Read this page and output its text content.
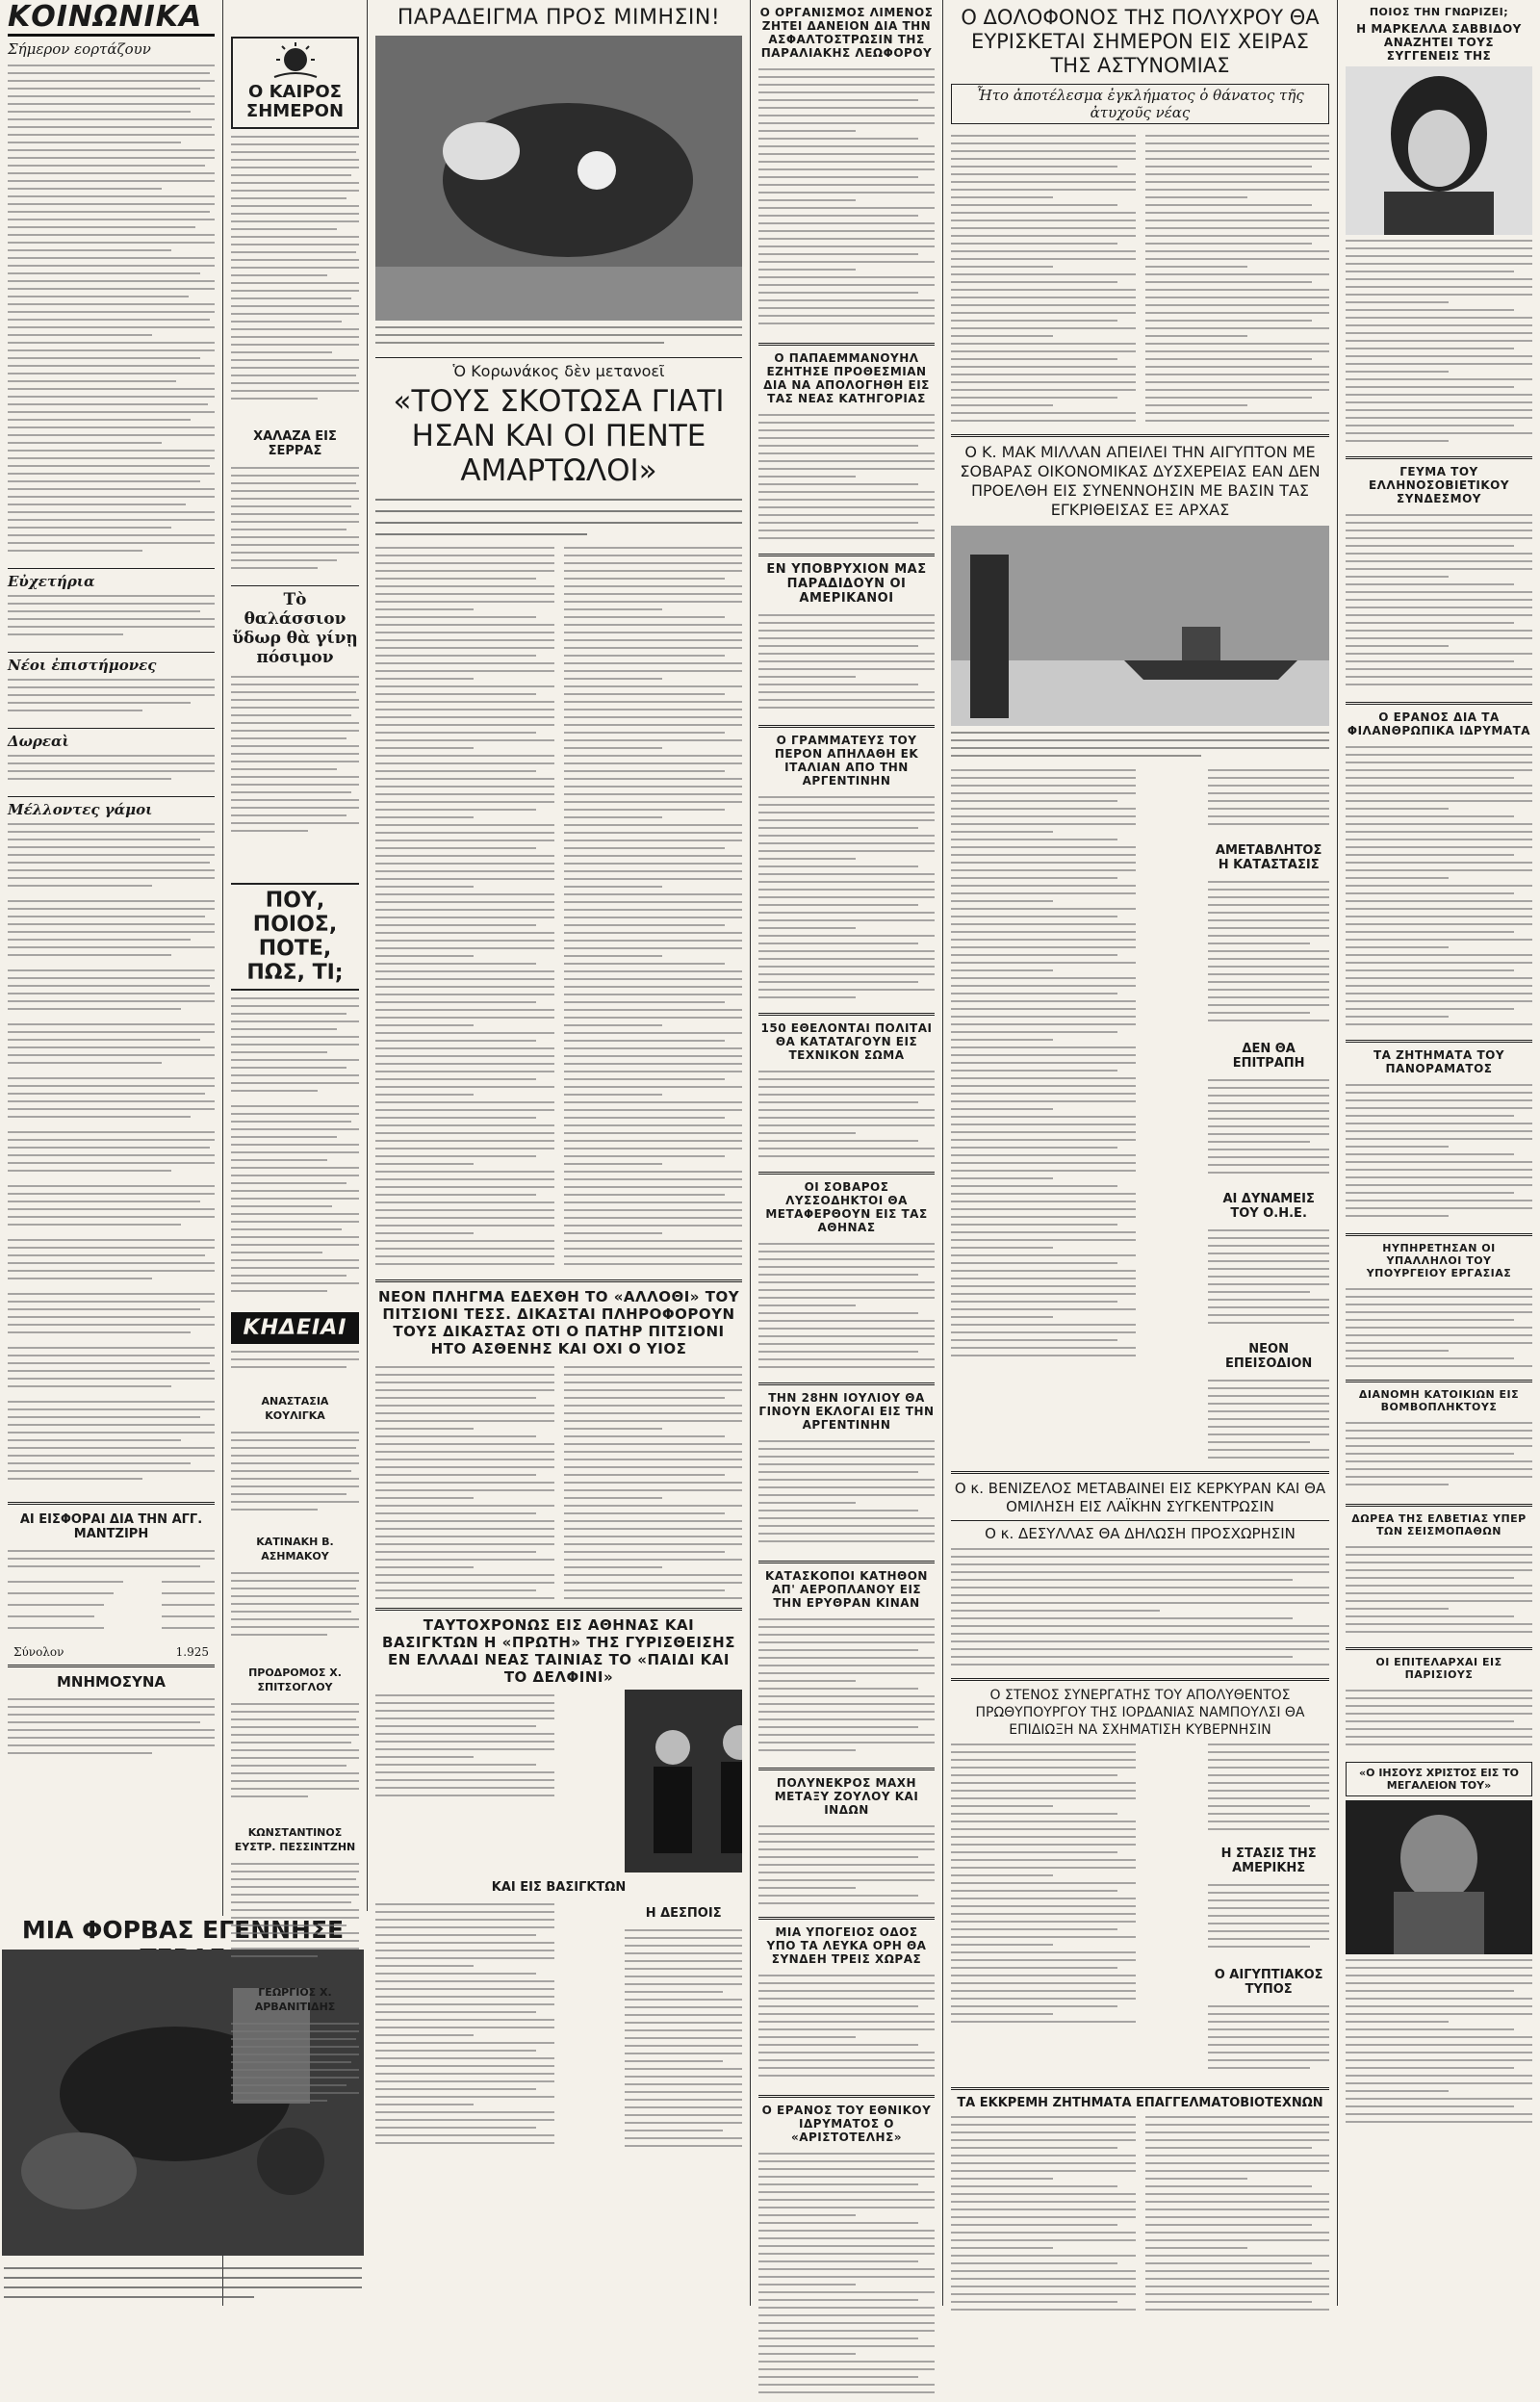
ΚΟΙΝΩΝΙΚΑ
Σήμερον εορτάζουν
Εὐχετήρια
Νέοι ἐπιστήμονες
Δωρεαὶ
Μέλλοντες γάμοι
ΑΙ ΕΙΣΦΟΡΑΙ ΔΙΑ ΤΗΝ ΑΓΓ. ΜΑΝΤΖΙΡΗ
Σύνολον	1.925
ΜΝΗΜΟΣΥΝΑ
ΜΙΑ ΦΟΡΒΑΣ ΕΓΕΝΝΗΣΕ
Ο ΚΑΙΡΟΣ ΣΗΜΕΡΟΝ
ΧΑΛΑΖΑ ΕΙΣ ΣΕΡΡΑΣ
Τὸ θαλάσσιον ὕδωρ θὰ γίνῃ πόσιμον
ΠΟΥ, ΠΟΙΟΣ, ΠΟΤΕ, ΠΩΣ, ΤΙ;
ΚΗΔΕΙΑΙ
ΑΝΑΣΤΑΣΙΑ ΚΟΥΛΙΓΚΑ
ΚΑΤΙΝΑΚΗ Β. ΑΣΗΜΑΚΟΥ
ΠΡΟΔΡΟΜΟΣ Χ. ΣΠΙΤΣΟΓΛΟΥ
ΚΩΝΣΤΑΝΤΙΝΟΣ ΕΥΣΤΡ. ΠΕΣΣΙΝΤΖΗΝ
ΓΕΩΡΓΙΟΣ Χ. ΑΡΒΑΝΙΤΙΔΗΣ
ΠΑΡΑΔΕΙΓΜΑ ΠΡΟΣ ΜΙΜΗΣΙΝ!
Ὁ Κορωνάκος δὲν μετανοεῖ
«ΤΟΥΣ ΣΚΟΤΩΣΑ ΓΙΑΤΙ ΗΣΑΝ ΚΑΙ ΟΙ ΠΕΝΤΕ ΑΜΑΡΤΩΛΟΙ»
ΝΕΟΝ ΠΛΗΓΜΑ ΕΔΕΧΘΗ ΤΟ «ΑΛΛΟΘΙ» ΤΟΥ ΠΙΤΣΙΟΝΙ ΤΕΣΣ. ΔΙΚΑΣΤΑΙ ΠΛΗΡΟΦΟΡΟΥΝ ΤΟΥΣ ΔΙΚΑΣΤΑΣ ΟΤΙ Ο ΠΑΤΗΡ ΠΙΤΣΙΟΝΙ ΗΤΟ ΑΣΘΕΝΗΣ ΚΑΙ ΟΧΙ Ο ΥΙΟΣ
ΤΑΥΤΟΧΡΟΝΩΣ ΕΙΣ ΑΘΗΝΑΣ ΚΑΙ ΒΑΣΙΓΚΤΩΝ Η «ΠΡΩΤΗ» ΤΗΣ ΓΥΡΙΣΘΕΙΣΗΣ ΕΝ ΕΛΛΑΔΙ ΝΕΑΣ ΤΑΙΝΙΑΣ ΤΟ «ΠΑΙΔΙ ΚΑΙ ΤΟ ΔΕΛΦΙΝΙ»
ΚΑΙ ΕΙΣ ΒΑΣΙΓΚΤΩΝ
Η ΔΕΣΠΟΙΣ
Ο ΟΡΓΑΝΙΣΜΟΣ ΛΙΜΕΝΟΣ ΖΗΤΕΙ ΔΑΝΕΙΟΝ ΔΙΑ ΤΗΝ ΑΣΦΑΛΤΟΣΤΡΩΣΙΝ ΤΗΣ ΠΑΡΑΛΙΑΚΗΣ ΛΕΩΦΟΡΟΥ
Ο ΠΑΠΑΕΜΜΑΝΟΥΗΛ ΕΖΗΤΗΣΕ ΠΡΟΘΕΣΜΙΑΝ ΔΙΑ ΝΑ ΑΠΟΛΟΓΗΘΗ ΕΙΣ ΤΑΣ ΝΕΑΣ ΚΑΤΗΓΟΡΙΑΣ
ΕΝ ΥΠΟΒΡΥΧΙΟΝ ΜΑΣ ΠΑΡΑΔΙΔΟΥΝ ΟΙ ΑΜΕΡΙΚΑΝΟΙ
Ο ΓΡΑΜΜΑΤΕΥΣ ΤΟΥ ΠΕΡΟΝ ΑΠΗΛΑΘΗ ΕΚ ΙΤΑΛΙΑΝ ΑΠΟ ΤΗΝ ΑΡΓΕΝΤΙΝΗΝ
150 ΕΘΕΛΟΝΤΑΙ ΠΟΛΙΤΑΙ ΘΑ ΚΑΤΑΤΑΓΟΥΝ ΕΙΣ ΤΕΧΝΙΚΟΝ ΣΩΜΑ
ΟΙ ΣΟΒΑΡΟΣ ΛΥΣΣΟΔΗΚΤΟΙ ΘΑ ΜΕΤΑΦΕΡΘΟΥΝ ΕΙΣ ΤΑΣ ΑΘΗΝΑΣ
ΤΗΝ 28ΗΝ ΙΟΥΛΙΟΥ ΘΑ ΓΙΝΟΥΝ ΕΚΛΟΓΑΙ ΕΙΣ ΤΗΝ ΑΡΓΕΝΤΙΝΗΝ
ΚΑΤΑΣΚΟΠΟΙ ΚΑΤΗΘΟΝ ΑΠ' ΑΕΡΟΠΛΑΝΟΥ ΕΙΣ ΤΗΝ ΕΡΥΘΡΑΝ ΚΙΝΑΝ
ΠΟΛΥΝΕΚΡΟΣ ΜΑΧΗ ΜΕΤΑΞΥ ΖΟΥΛΟΥ ΚΑΙ ΙΝΔΩΝ
ΜΙΑ ΥΠΟΓΕΙΟΣ ΟΔΟΣ ΥΠΟ ΤΑ ΛΕΥΚΑ ΟΡΗ ΘΑ ΣΥΝΔΕΗ ΤΡΕΙΣ ΧΩΡΑΣ
Ο ΕΡΑΝΟΣ ΤΟΥ ΕΘΝΙΚΟΥ ΙΔΡΥΜΑΤΟΣ Ο «ΑΡΙΣΤΟΤΕΛΗΣ»
Ο ΔΟΛΟΦΟΝΟΣ ΤΗΣ ΠΟΛΥΧΡΟΥ ΘΑ ΕΥΡΙΣΚΕΤΑΙ ΣΗΜΕΡΟΝ ΕΙΣ ΧΕΙΡΑΣ ΤΗΣ ΑΣΤΥΝΟΜΙΑΣ
Ἦτο ἀποτέλεσμα ἐγκλήματος ὁ θάνατος τῆς ἀτυχοῦς νέας
Ο Κ. ΜΑΚ ΜΙΛΛΑΝ ΑΠΕΙΛΕΙ ΤΗΝ ΑΙΓΥΠΤΟΝ ΜΕ ΣΟΒΑΡΑΣ ΟΙΚΟΝΟΜΙΚΑΣ ΔΥΣΧΕΡΕΙΑΣ ΕΑΝ ΔΕΝ ΠΡΟΕΛΘΗ ΕΙΣ ΣΥΝΕΝΝΟΗΣΙΝ ΜΕ ΒΑΣΙΝ ΤΑΣ ΕΓΚΡΙΘΕΙΣΑΣ ΕΞ ΑΡΧΑΣ
ΑΜΕΤΑΒΛΗΤΟΣ Η ΚΑΤΑΣΤΑΣΙΣ
ΔΕΝ ΘΑ ΕΠΙΤΡΑΠΗ
ΑΙ ΔΥΝΑΜΕΙΣ ΤΟΥ Ο.Η.Ε.
ΝΕΟΝ ΕΠΕΙΣΟΔΙΟΝ
Ο κ. ΒΕΝΙΖΕΛΟΣ ΜΕΤΑΒΑΙΝΕΙ ΕΙΣ ΚΕΡΚΥΡΑΝ ΚΑΙ ΘΑ ΟΜΙΛΗΣΗ ΕΙΣ ΛΑΪΚΗΝ ΣΥΓΚΕΝΤΡΩΣΙΝ
Ο κ. ΔΕΣΥΛΛΑΣ ΘΑ ΔΗΛΩΣΗ ΠΡΟΣΧΩΡΗΣΙΝ
Ο ΣΤΕΝΟΣ ΣΥΝΕΡΓΑΤΗΣ ΤΟΥ ΑΠΟΛΥΘΕΝΤΟΣ ΠΡΩΘΥΠΟΥΡΓΟΥ ΤΗΣ ΙΟΡΔΑΝΙΑΣ ΝΑΜΠΟΥΛΣΙ ΘΑ ΕΠΙΔΙΩΞΗ ΝΑ ΣΧΗΜΑΤΙΣΗ ΚΥΒΕΡΝΗΣΙΝ
Η ΣΤΑΣΙΣ ΤΗΣ ΑΜΕΡΙΚΗΣ
Ο ΑΙΓΥΠΤΙΑΚΟΣ ΤΥΠΟΣ
ΤΑ ΕΚΚΡΕΜΗ ΖΗΤΗΜΑΤΑ ΕΠΑΓΓΕΛΜΑΤΟΒΙΟΤΕΧΝΩΝ
ΠΟΙΟΣ ΤΗΝ ΓΝΩΡΙΖΕΙ;
Η ΜΑΡΚΕΛΛΑ ΣΑΒΒΙΔΟΥ ΑΝΑΖΗΤΕΙ ΤΟΥΣ ΣΥΓΓΕΝΕΙΣ ΤΗΣ
ΓΕΥΜΑ ΤΟΥ ΕΛΛΗΝΟΣΟΒΙΕΤΙΚΟΥ ΣΥΝΔΕΣΜΟΥ
Ο ΕΡΑΝΟΣ ΔΙΑ ΤΑ ΦΙΛΑΝΘΡΩΠΙΚΑ ΙΔΡΥΜΑΤΑ
ΤΑ ΖΗΤΗΜΑΤΑ ΤΟΥ ΠΑΝΟΡΑΜΑΤΟΣ
ΗΥΠΗΡΕΤΗΣΑΝ ΟΙ ΥΠΑΛΛΗΛΟΙ ΤΟΥ ΥΠΟΥΡΓΕΙΟΥ ΕΡΓΑΣΙΑΣ
ΔΙΑΝΟΜΗ ΚΑΤΟΙΚΙΩΝ ΕΙΣ ΒΟΜΒΟΠΛΗΚΤΟΥΣ
ΔΩΡΕΑ ΤΗΣ ΕΛΒΕΤΙΑΣ ΥΠΕΡ ΤΩΝ ΣΕΙΣΜΟΠΑΘΩΝ
ΟΙ ΕΠΙΤΕΛΑΡΧΑΙ ΕΙΣ ΠΑΡΙΣΙΟΥΣ
«Ο ΙΗΣΟΥΣ ΧΡΙΣΤΟΣ ΕΙΣ ΤΟ ΜΕΓΑΛΕΙΟΝ ΤΟΥ»
